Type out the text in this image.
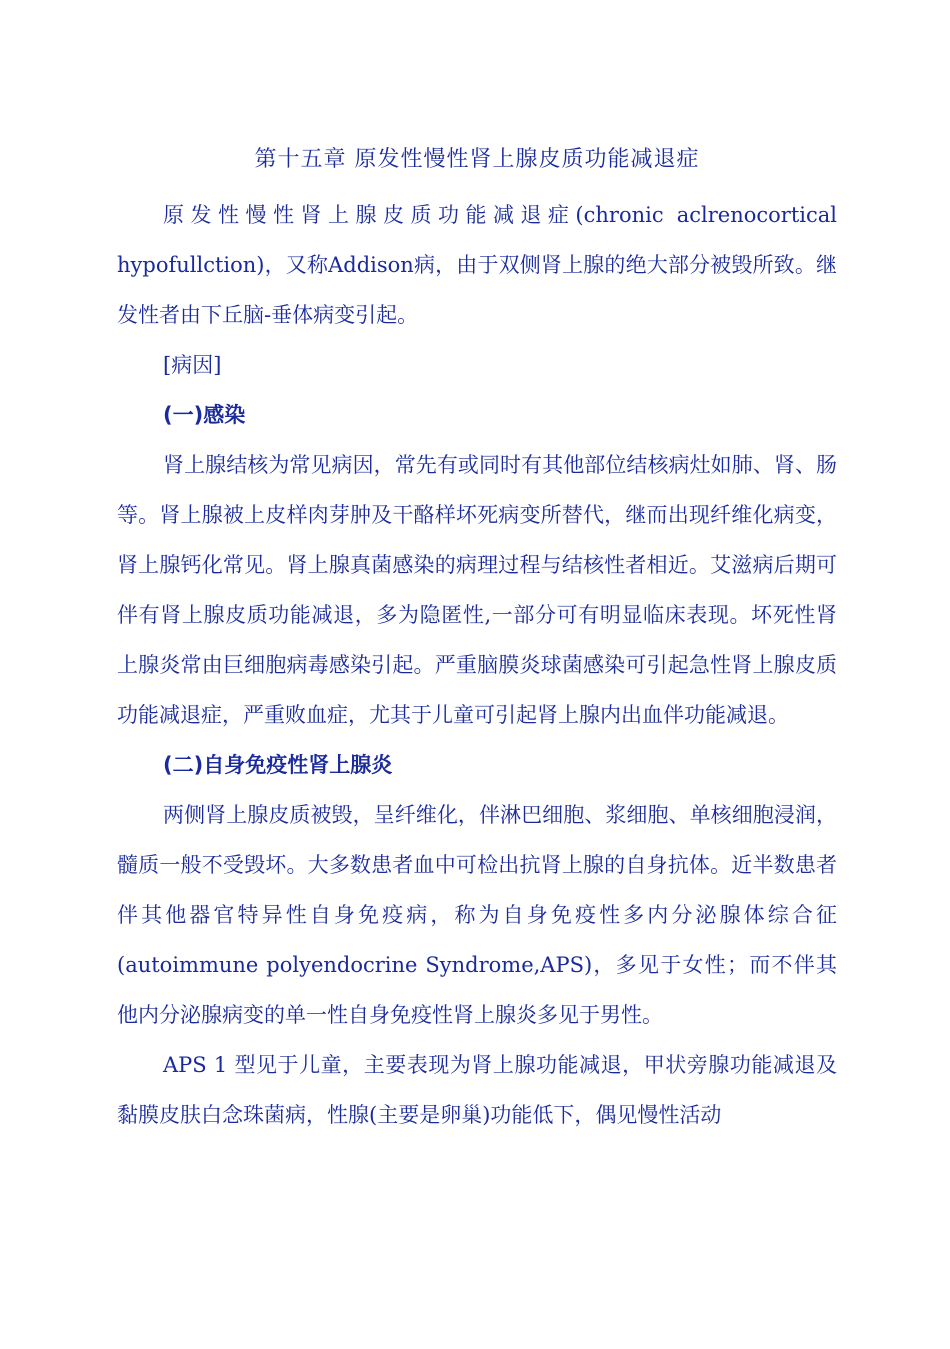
第十五章 原发性慢性肾上腺皮质功能减退症

原发性慢性肾上腺皮质功能减退症(chronic aclrenocortical hypofullction)，又称Addison病，由于双侧肾上腺的绝大部分被毁所致。继发性者由下丘脑-垂体病变引起。

[病因]
(一)感染

肾上腺结核为常见病因，常先有或同时有其他部位结核病灶如肺、肾、肠等。肾上腺被上皮样肉芽肿及干酪样坏死病变所替代，继而出现纤维化病变，肾上腺钙化常见。肾上腺真菌感染的病理过程与结核性者相近。艾滋病后期可伴有肾上腺皮质功能减退，多为隐匿性,一部分可有明显临床表现。坏死性肾上腺炎常由巨细胞病毒感染引起。严重脑膜炎球菌感染可引起急性肾上腺皮质功能减退症，严重败血症，尤其于儿童可引起肾上腺内出血伴功能减退。

(二)自身免疫性肾上腺炎

两侧肾上腺皮质被毁，呈纤维化，伴淋巴细胞、浆细胞、单核细胞浸润，髓质一般不受毁坏。大多数患者血中可检出抗肾上腺的自身抗体。近半数患者伴其他器官特异性自身免疫病，称为自身免疫性多内分泌腺体综合征(autoimmune polyendocrine Syndrome,APS)，多见于女性；而不伴其他内分泌腺病变的单一性自身免疫性肾上腺炎多见于男性。

APS 1 型见于儿童，主要表现为肾上腺功能减退，甲状旁腺功能减退及黏膜皮肤白念珠菌病，性腺(主要是卵巢)功能低下，偶见慢性活动
